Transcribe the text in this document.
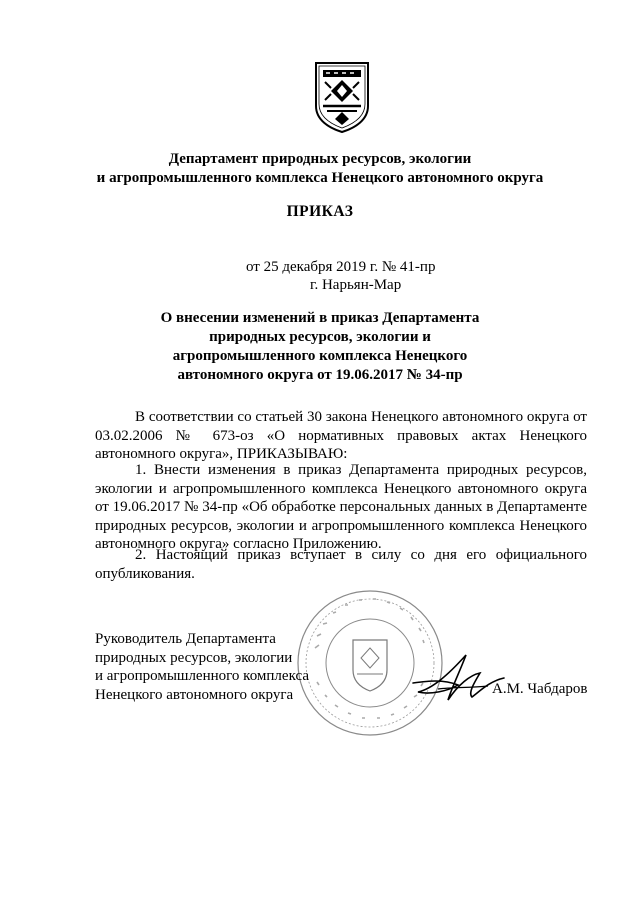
Департамент природных ресурсов, экологии
и агропромышленного комплекса Ненецкого автономного округа
ПРИКАЗ
от 25 декабря 2019 г. № 41-пр
г. Нарьян-Мар
О внесении изменений в приказ Департамента
природных ресурсов, экологии и
агропромышленного комплекса Ненецкого
автономного округа от 19.06.2017 № 34-пр

В соответствии со статьей 30 закона Ненецкого автономного округа от 03.02.2006 № 673-оз «О нормативных правовых актах Ненецкого автономного округа», ПРИКАЗЫВАЮ:

1. Внести изменения в приказ Департамента природных ресурсов, экологии и агропромышленного комплекса Ненецкого автономного округа от 19.06.2017 № 34-пр «Об обработке персональных данных в Департаменте природных ресурсов, экологии и агропромышленного комплекса Ненецкого автономного округа» согласно Приложению.

2. Настоящий приказ вступает в силу со дня его официального опубликования.

Руководитель Департамента
природных ресурсов, экологии
и агропромышленного комплекса
Ненецкого автономного округа	А.М. Чабдаров
